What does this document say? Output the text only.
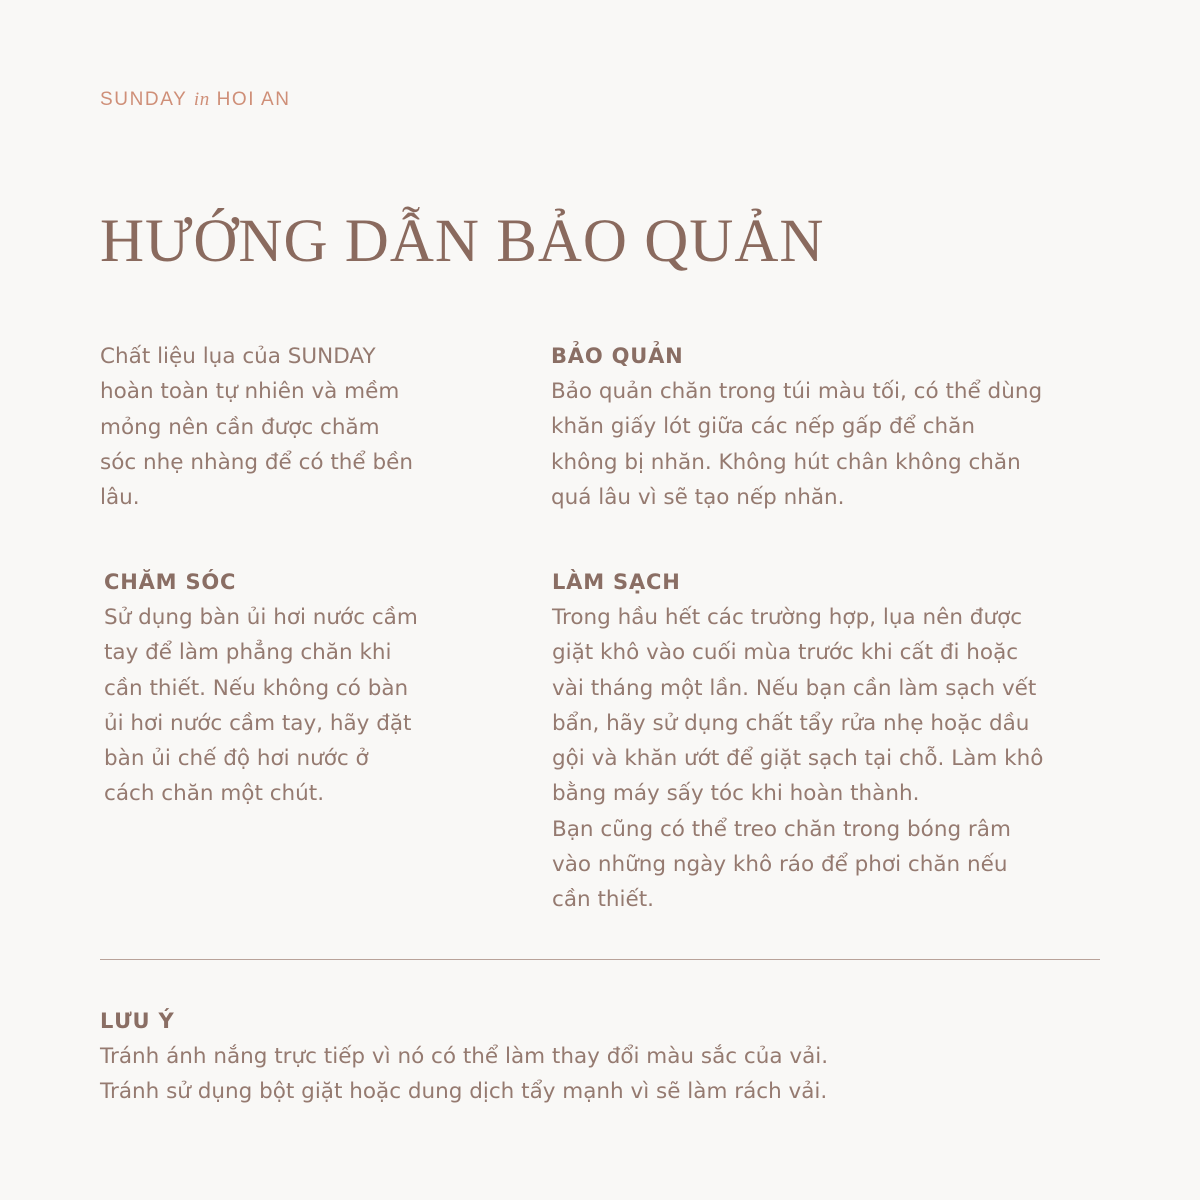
SUNDAY in HOI AN
HƯỚNG DẪN BẢO QUẢN
Chất liệu lụa của SUNDAY
hoàn toàn tự nhiên và mềm
mỏng nên cần được chăm
sóc nhẹ nhàng để có thể bền
lâu.
BẢO QUẢN
Bảo quản chăn trong túi màu tối, có thể dùng
khăn giấy lót giữa các nếp gấp để chăn
không bị nhăn. Không hút chân không chăn
quá lâu vì sẽ tạo nếp nhăn.
CHĂM SÓC
Sử dụng bàn ủi hơi nước cầm
tay để làm phẳng chăn khi
cần thiết. Nếu không có bàn
ủi hơi nước cầm tay, hãy đặt
bàn ủi chế độ hơi nước ở
cách chăn một chút.
LÀM SẠCH
Trong hầu hết các trường hợp, lụa nên được
giặt khô vào cuối mùa trước khi cất đi hoặc
vài tháng một lần. Nếu bạn cần làm sạch vết
bẩn, hãy sử dụng chất tẩy rửa nhẹ hoặc dầu
gội và khăn ướt để giặt sạch tại chỗ. Làm khô
bằng máy sấy tóc khi hoàn thành.
Bạn cũng có thể treo chăn trong bóng râm
vào những ngày khô ráo để phơi chăn nếu
cần thiết.
LƯU Ý
Tránh ánh nắng trực tiếp vì nó có thể làm thay đổi màu sắc của vải.
Tránh sử dụng bột giặt hoặc dung dịch tẩy mạnh vì sẽ làm rách vải.
